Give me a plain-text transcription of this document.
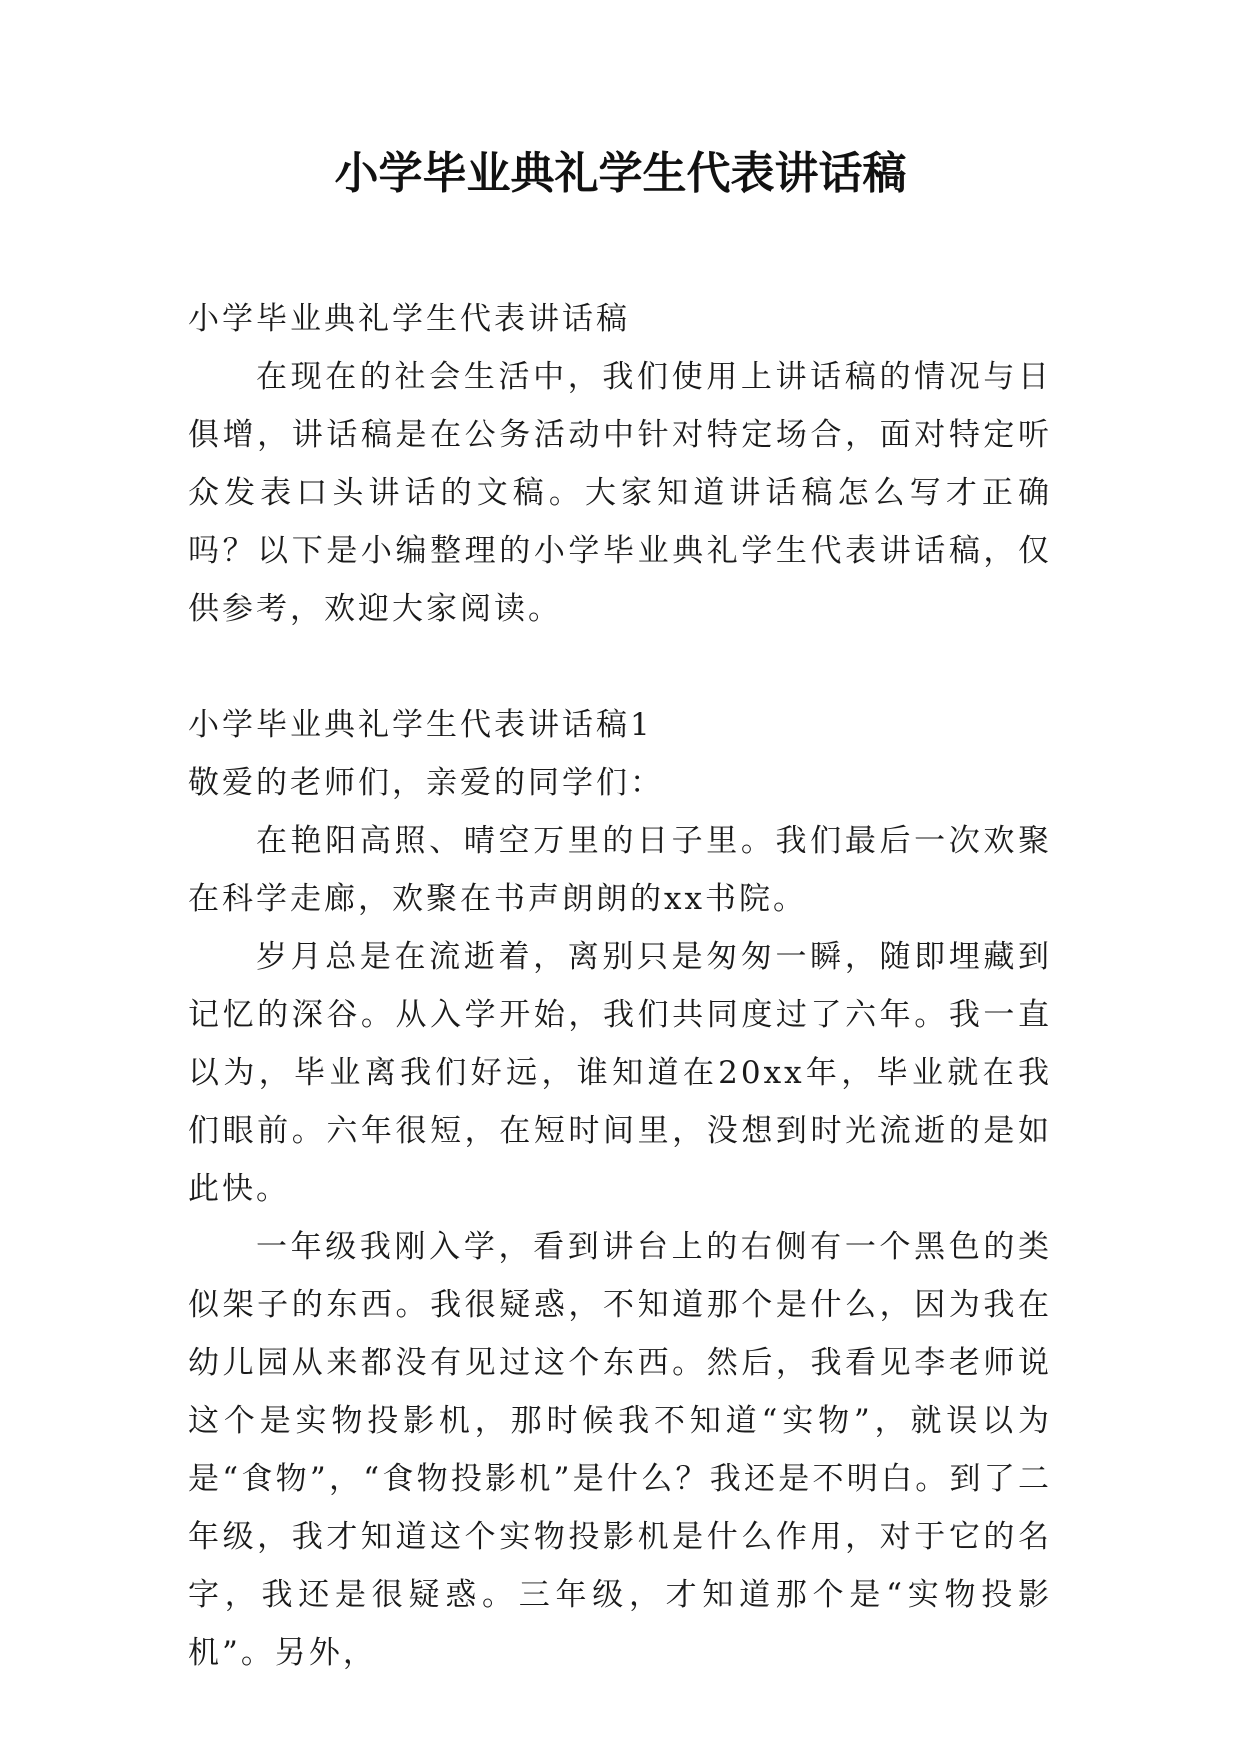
小学毕业典礼学生代表讲话稿

小学毕业典礼学生代表讲话稿

在现在的社会生活中，我们使用上讲话稿的情况与日俱增，讲话稿是在公务活动中针对特定场合，面对特定听众发表口头讲话的文稿。大家知道讲话稿怎么写才正确吗？以下是小编整理的小学毕业典礼学生代表讲话稿，仅供参考，欢迎大家阅读。

小学毕业典礼学生代表讲话稿1

敬爱的老师们，亲爱的同学们：

在艳阳高照、晴空万里的日子里。我们最后一次欢聚在科学走廊，欢聚在书声朗朗的xx书院。

岁月总是在流逝着，离别只是匆匆一瞬，随即埋藏到记忆的深谷。从入学开始，我们共同度过了六年。我一直以为，毕业离我们好远，谁知道在20xx年，毕业就在我们眼前。六年很短，在短时间里，没想到时光流逝的是如此快。

一年级我刚入学，看到讲台上的右侧有一个黑色的类似架子的东西。我很疑惑，不知道那个是什么，因为我在幼儿园从来都没有见过这个东西。然后，我看见李老师说这个是实物投影机，那时候我不知道“实物”，就误以为是“食物”，“食物投影机”是什么？我还是不明白。到了二年级，我才知道这个实物投影机是什么作用，对于它的名字，我还是很疑惑。三年级，才知道那个是“实物投影机”。另外，
